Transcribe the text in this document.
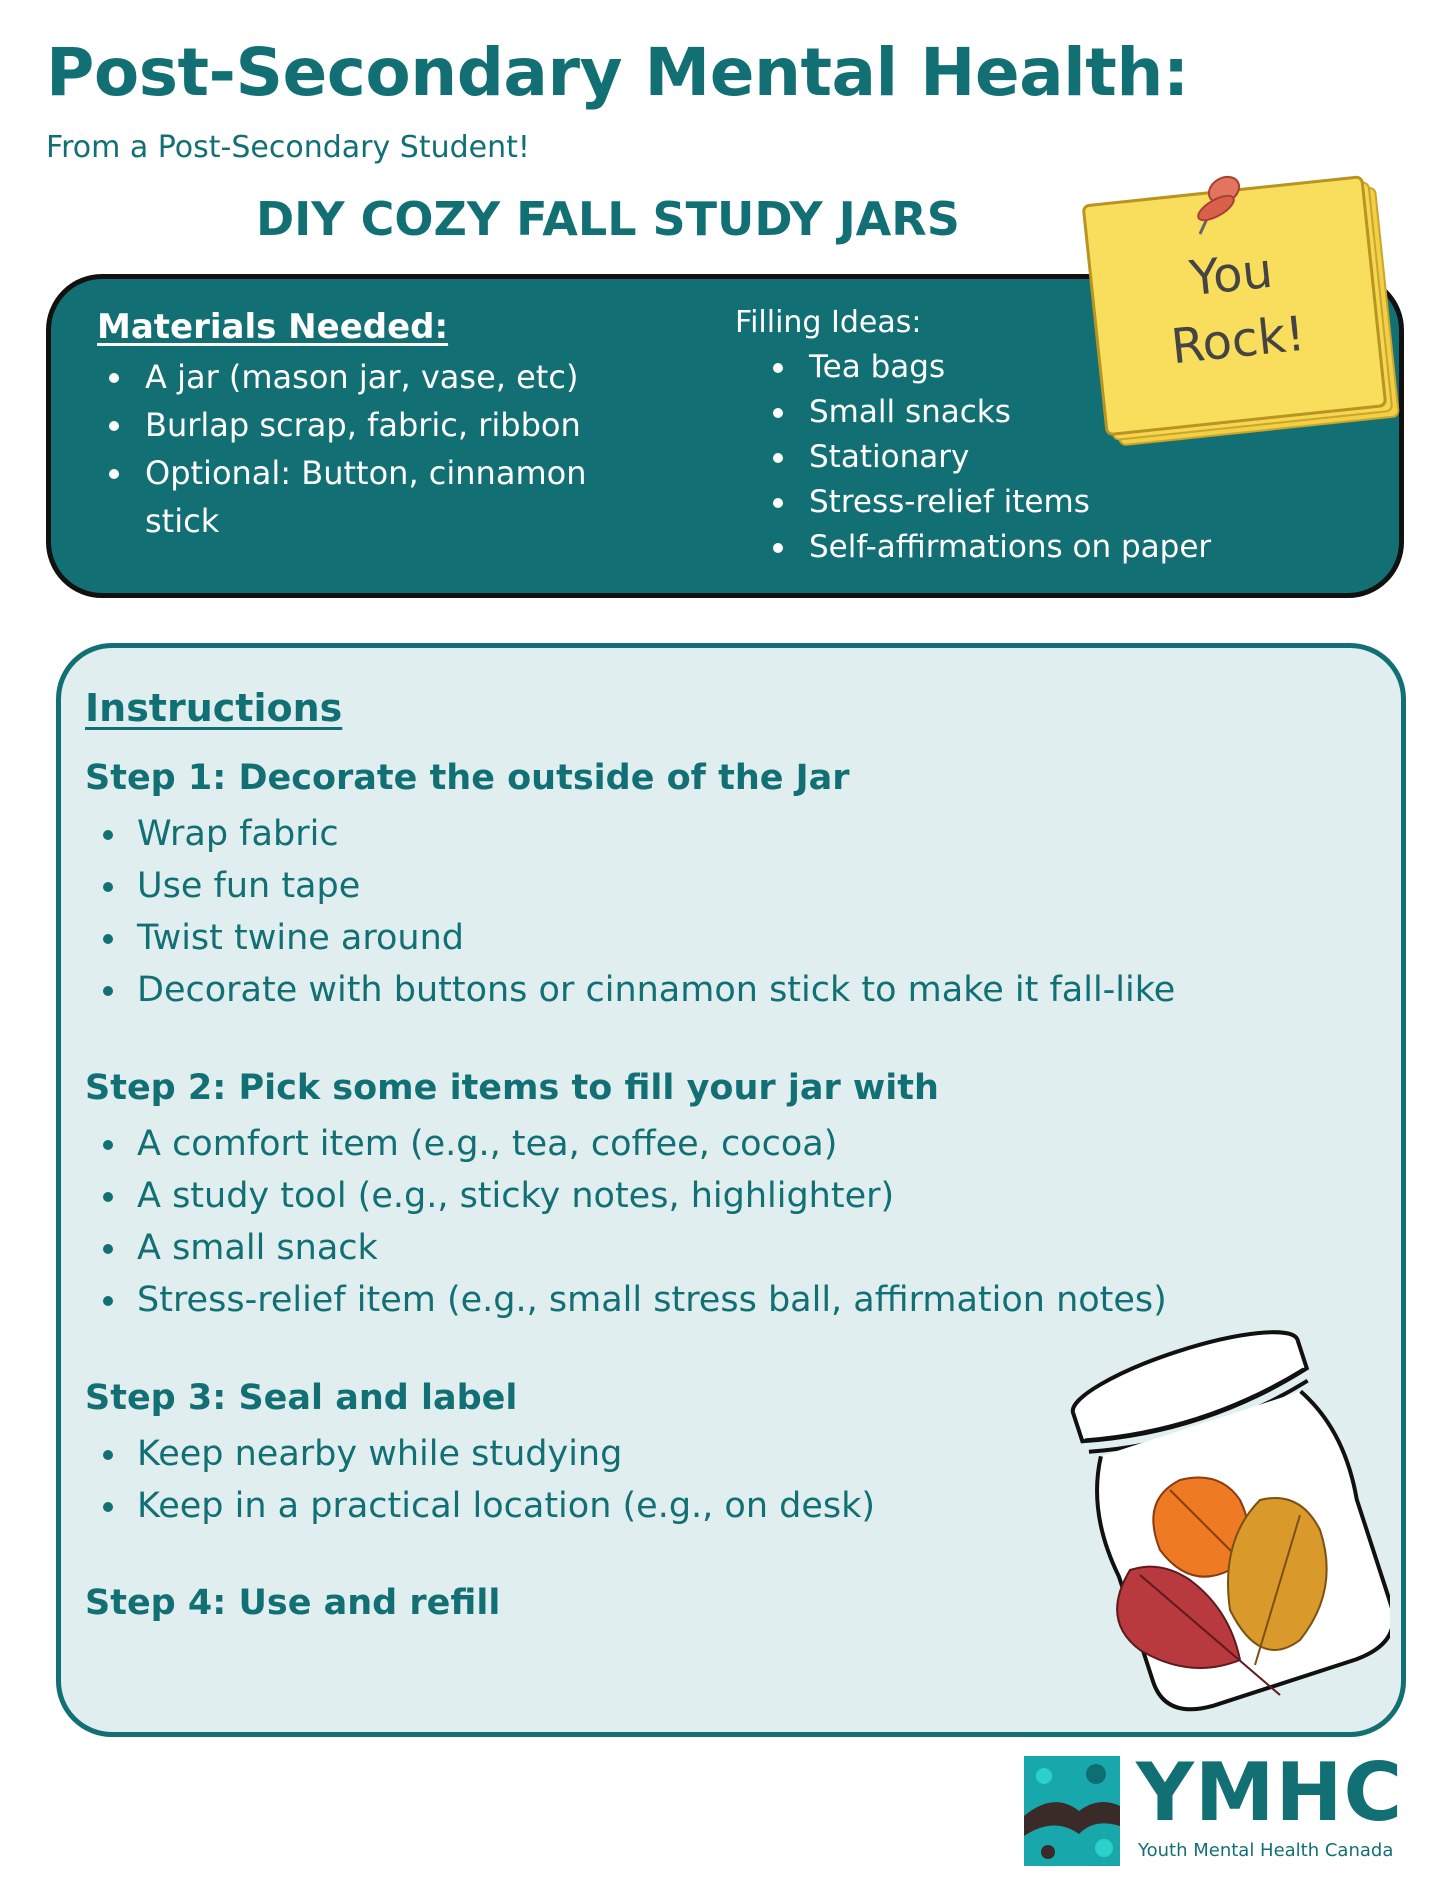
Post-Secondary Mental Health:
From a Post-Secondary Student!
DIY COZY FALL STUDY JARS
Materials Needed:
A jar (mason jar, vase, etc)
Burlap scrap, fabric, ribbon
Optional: Button, cinnamon stick
Filling Ideas:
Tea bags
Small snacks
Stationary
Stress-relief items
Self-affirmations on paper
You
Rock!
Instructions
Step 1: Decorate the outside of the Jar
Wrap fabric
Use fun tape
Twist twine around
Decorate with buttons or cinnamon stick to make it fall-like
Step 2: Pick some items to fill your jar with
A comfort item (e.g., tea, coffee, cocoa)
A study tool (e.g., sticky notes, highlighter)
A small snack
Stress-relief item (e.g., small stress ball, affirmation notes)
Step 3: Seal and label
Keep nearby while studying
Keep in a practical location (e.g., on desk)
Step 4: Use and refill
YMHC
Youth Mental Health Canada
